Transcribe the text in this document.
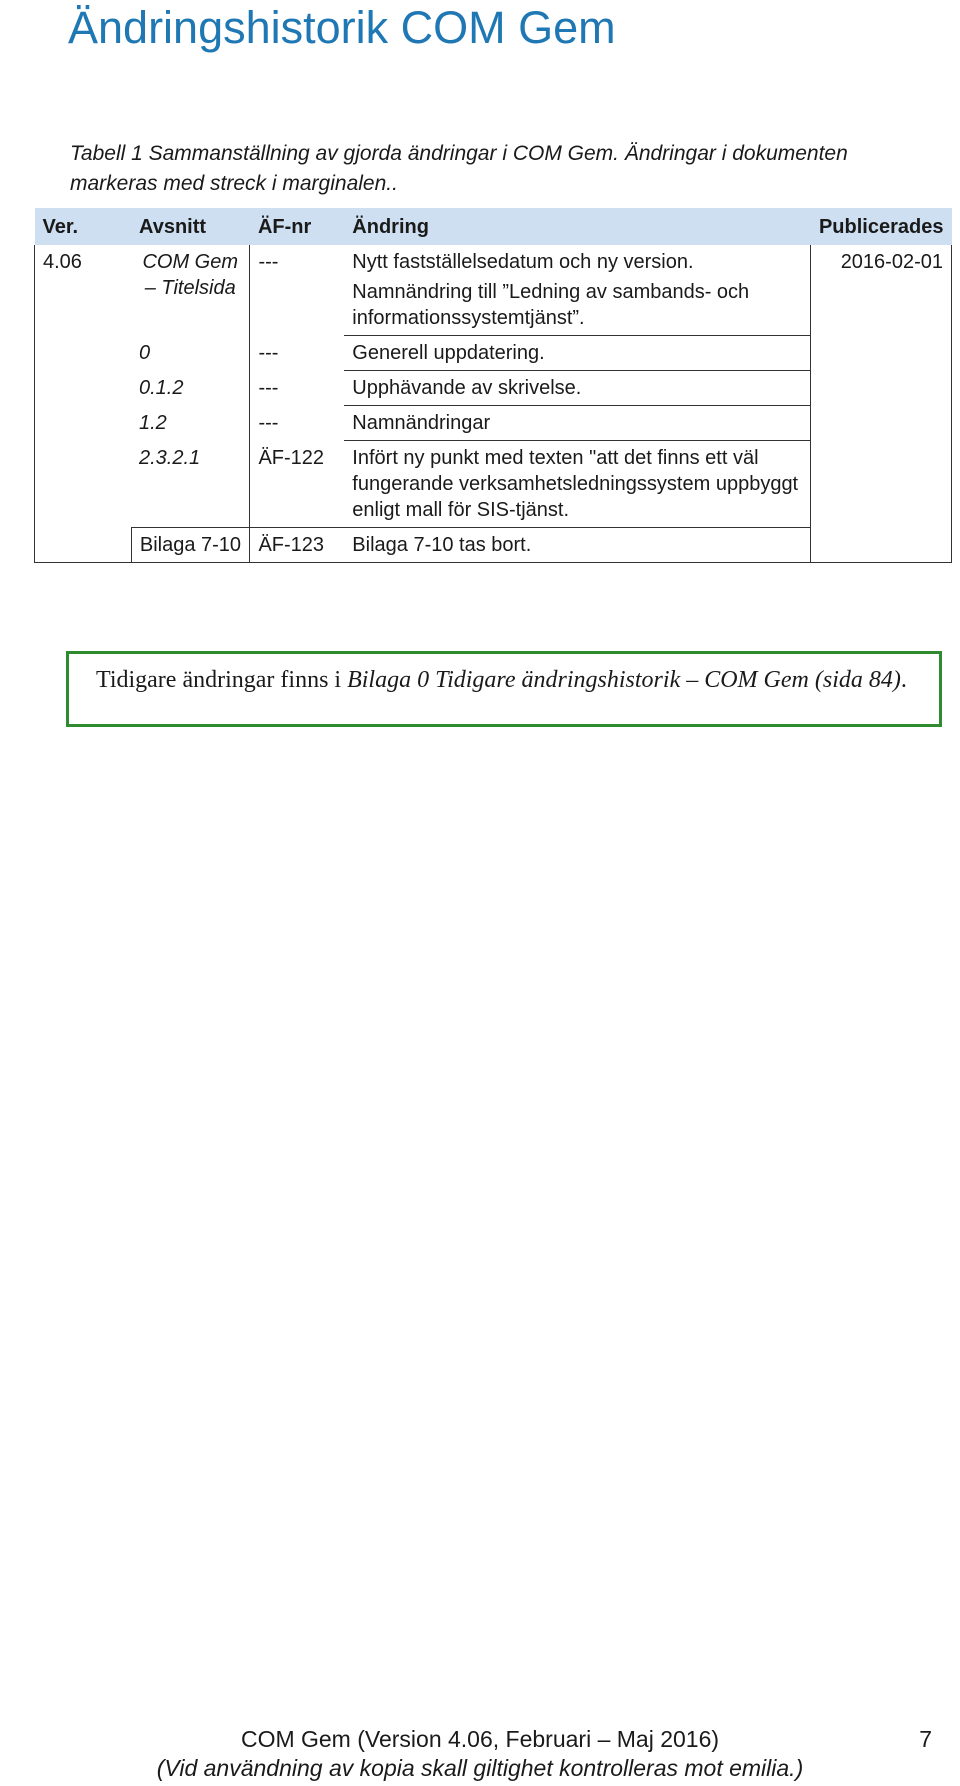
Ändringshistorik COM Gem
Tabell 1 Sammanställning av gjorda ändringar i COM Gem. Ändringar i dokumenten markeras med streck i marginalen..
Ver.	Avsnitt	ÄF-nr	Ändring	Publicerades
4.06	COM Gem – Titelsida	---	Nytt fastställelsedatum och ny version.
Namnändring till ”Ledning av sambands- och informationssystemtjänst”.	2016-02-01
	0	---	Generell uppdatering.	
	0.1.2	---	Upphävande av skrivelse.	
	1.2	---	Namnändringar	
	2.3.2.1	ÄF-122	Infört ny punkt med texten "att det finns ett väl fungerande verksamhetsledningssystem uppbyggt enligt mall för SIS-tjänst.	
	Bilaga 7-10	ÄF-123	Bilaga 7-10 tas bort.	
Tidigare ändringar finns i Bilaga 0 Tidigare ändringshistorik – COM Gem (sida 84).
COM Gem (Version 4.06, Februari – Maj 2016)	7
(Vid användning av kopia skall giltighet kontrolleras mot emilia.)
